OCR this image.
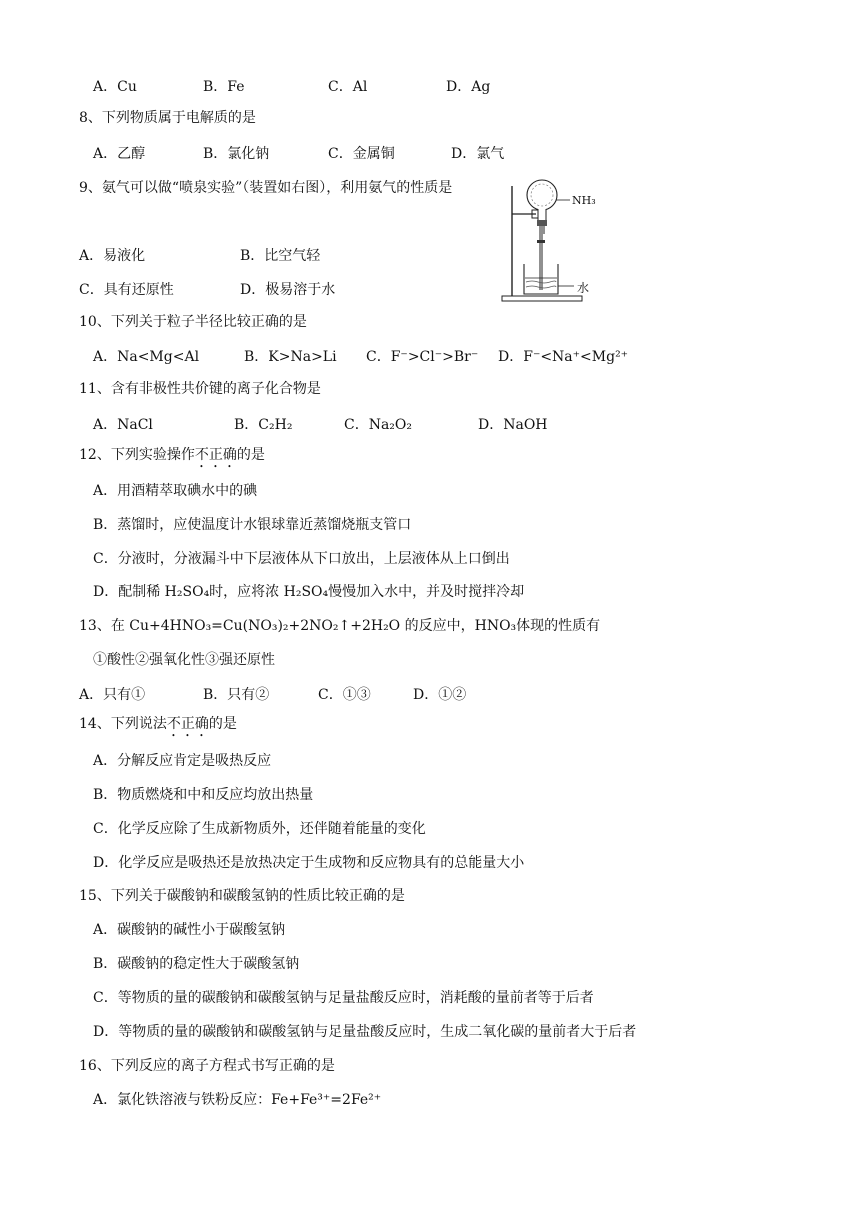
A．Cu	B．Fe	C．Al	D．Ag
8、下列物质属于电解质的是
A．乙醇	B．氯化钠	C．金属铜	D．氯气
9、氨气可以做“喷泉实验”（装置如右图），利用氨气的性质是
A．易液化	B．比空气轻
C．具有还原性	D．极易溶于水
NH₃
水
10、下列关于粒子半径比较正确的是
A．Na<Mg<Al	B．K>Na>Li C．F⁻>Cl⁻>Br⁻ D．F⁻<Na⁺<Mg²⁺
11、含有非极性共价键的离子化合物是
A．NaCl	B．C₂H₂	C．Na₂O₂	D．NaOH
12、下列实验操作不正确的是
A．用酒精萃取碘水中的碘
B．蒸馏时，应使温度计水银球靠近蒸馏烧瓶支管口
C．分液时，分液漏斗中下层液体从下口放出，上层液体从上口倒出
D．配制稀 H₂SO₄时，应将浓 H₂SO₄慢慢加入水中，并及时搅拌冷却
13、在 Cu+4HNO₃=Cu(NO₃)₂+2NO₂↑+2H₂O 的反应中，HNO₃体现的性质有
①酸性②强氧化性③强还原性
A．只有①	B．只有②	C．①③	D．①②
14、下列说法不正确的是
A．分解反应肯定是吸热反应
B．物质燃烧和中和反应均放出热量
C．化学反应除了生成新物质外，还伴随着能量的变化
D．化学反应是吸热还是放热决定于生成物和反应物具有的总能量大小
15、下列关于碳酸钠和碳酸氢钠的性质比较正确的是
A．碳酸钠的碱性小于碳酸氢钠
B．碳酸钠的稳定性大于碳酸氢钠
C．等物质的量的碳酸钠和碳酸氢钠与足量盐酸反应时，消耗酸的量前者等于后者
D．等物质的量的碳酸钠和碳酸氢钠与足量盐酸反应时，生成二氧化碳的量前者大于后者
16、下列反应的离子方程式书写正确的是
A．氯化铁溶液与铁粉反应：Fe+Fe³⁺=2Fe²⁺
